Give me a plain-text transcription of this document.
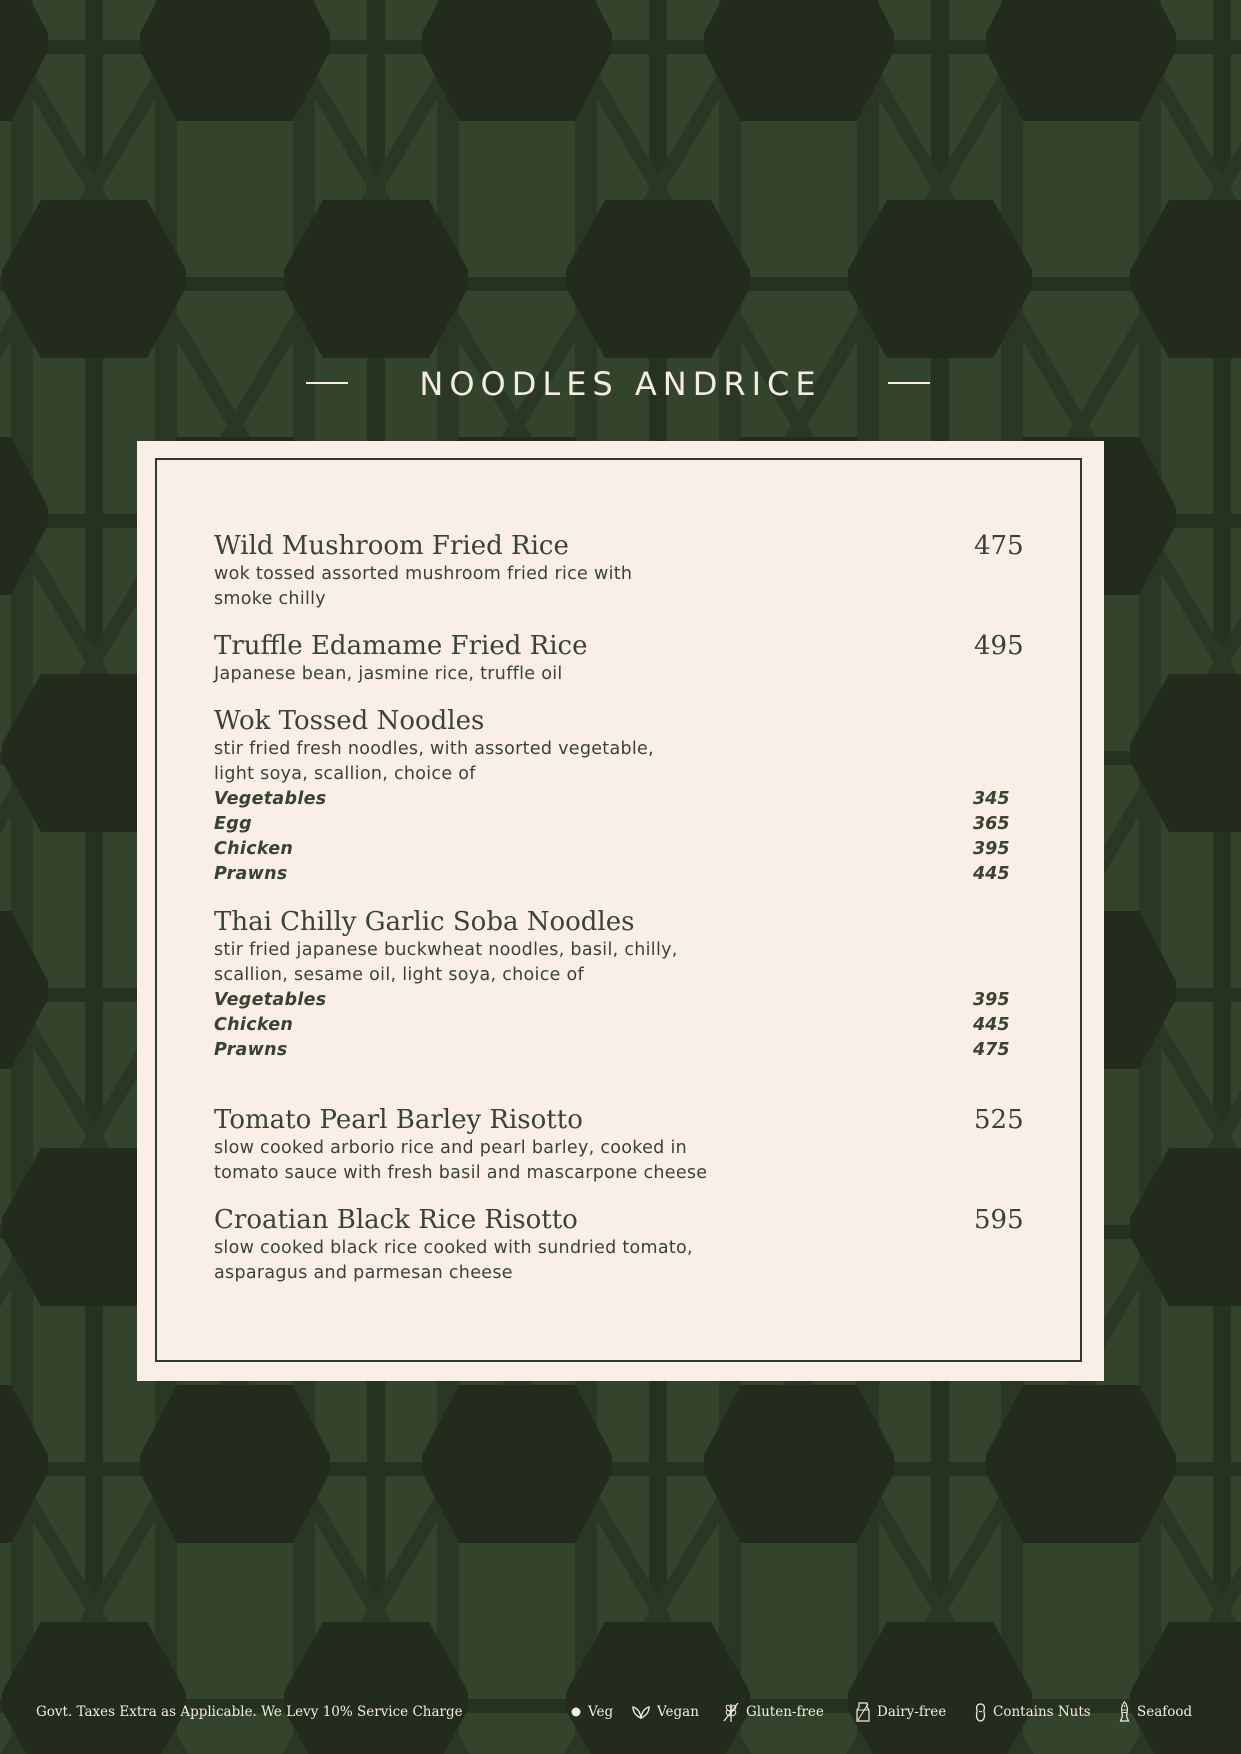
NOODLES ANDRICE
Wild Mushroom Fried Rice	475
wok tossed assorted mushroom fried rice with
smoke chilly
Truffle Edamame Fried Rice	495
Japanese bean, jasmine rice, truffle oil
Wok Tossed Noodles
stir fried fresh noodles, with assorted vegetable,
light soya, scallion, choice of
Vegetables	345
Egg	365
Chicken	395
Prawns	445
Thai Chilly Garlic Soba Noodles
stir fried japanese buckwheat noodles, basil, chilly,
scallion, sesame oil, light soya, choice of
Vegetables	395
Chicken	445
Prawns	475
Tomato Pearl Barley Risotto	525
slow cooked arborio rice and pearl barley, cooked in
tomato sauce with fresh basil and mascarpone cheese
Croatian Black Rice Risotto	595
slow cooked black rice cooked with sundried tomato,
asparagus and parmesan cheese
Govt. Taxes Extra as Applicable. We Levy 10% Service Charge	Veg	Vegan	Gluten-free	Dairy-free	Contains Nuts	Seafood
